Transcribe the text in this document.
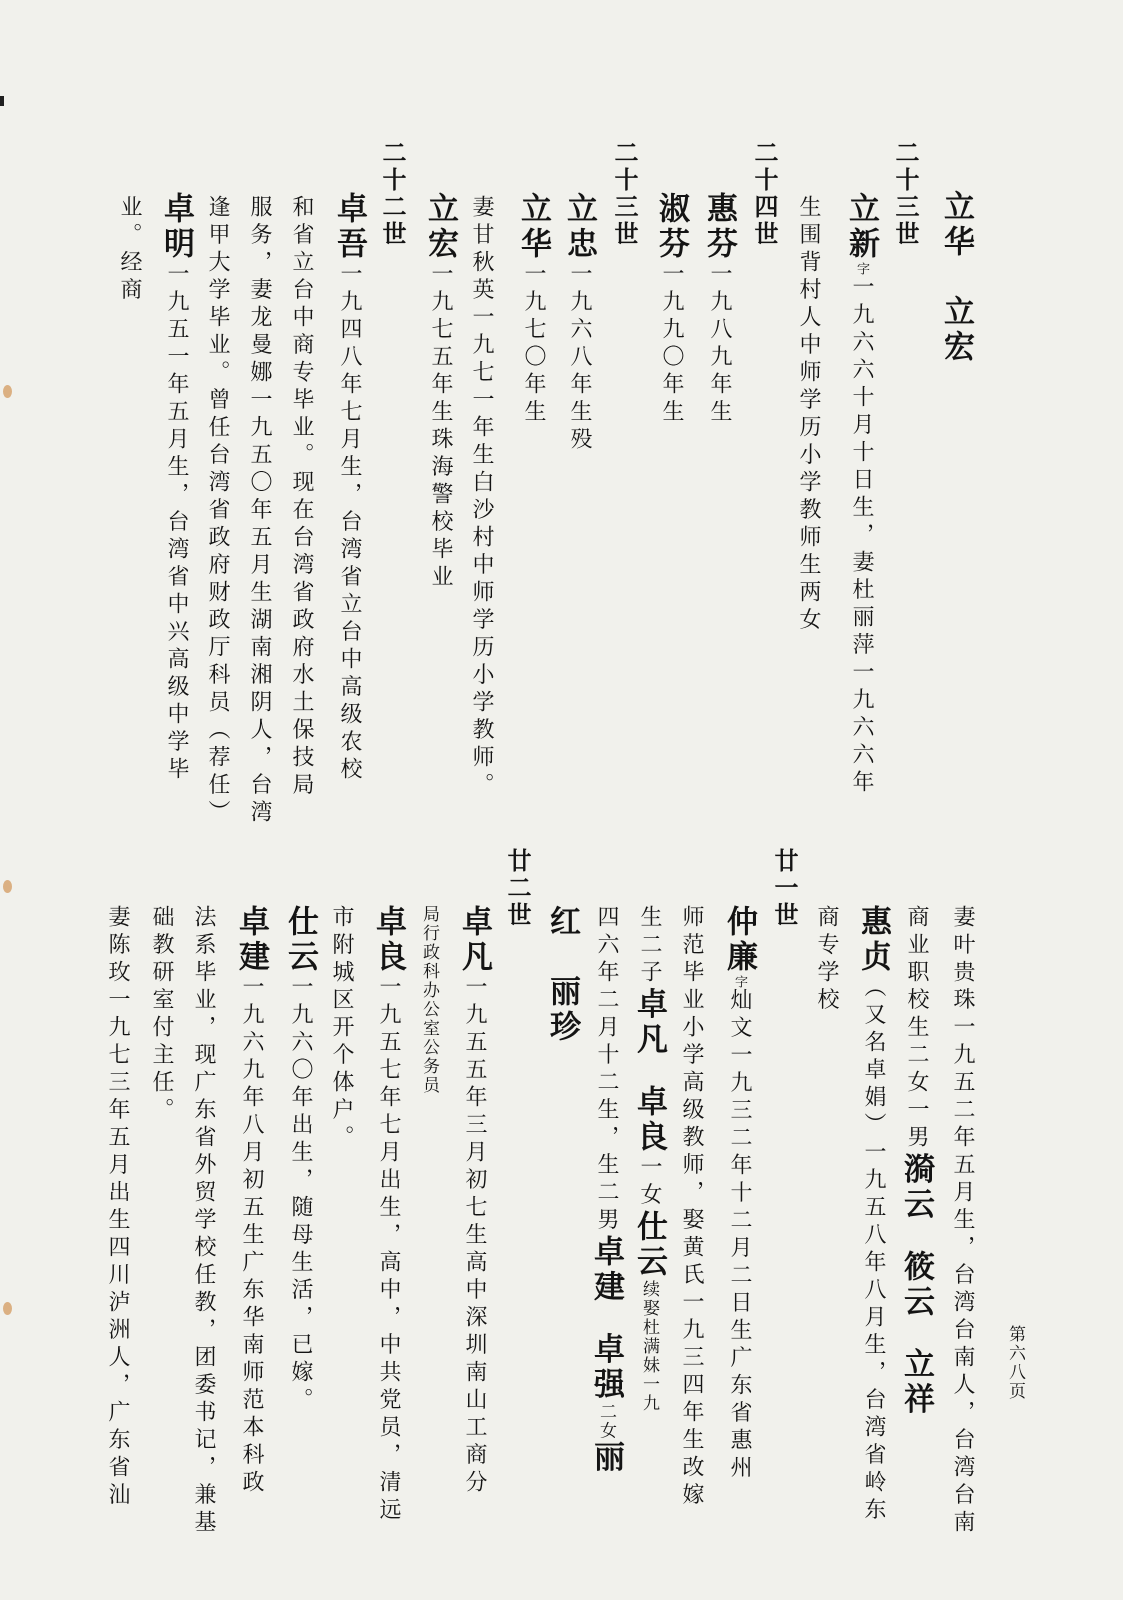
第六八页
立华　立宏
二十三世
立新字一九六六十月十日生，妻杜丽萍一九六六年
生围背村人中师学历小学教师生两女
二十四世
惠芬一九八九年生
淑芬一九九〇年生
二十三世
立忠一九六八年生殁
立华一九七〇年生
妻甘秋英一九七一年生白沙村中师学历小学教师。
立宏一九七五年生珠海警校毕业
二十二世
卓吾一九四八年七月生，台湾省立台中高级农校
和省立台中商专毕业。现在台湾省政府水土保技局
服务，妻龙曼娜一九五〇年五月生湖南湘阴人，台湾
逢甲大学毕业。曾任台湾省政府财政厅科员（荐任）
卓明一九五一年五月生，台湾省中兴高级中学毕
业。经商
妻叶贵珠一九五二年五月生，台湾台南人，台湾台南
商业职校生二女一男漪云　筱云　立祥
惠贞（又名卓娟）一九五八年八月生，台湾省岭东
商专学校
廿一世
仲廉字灿文一九三二年十二月二日生广东省惠州
师范毕业小学高级教师，娶黄氏一九三四年生改嫁
生二子卓凡　卓良一女仕云续娶杜满妹一九
四六年二月十二生，生二男卓建　卓强二女丽
红　丽珍
廿二世
卓凡一九五五年三月初七生高中深圳南山工商分
局行政科办公室公务员
卓良一九五七年七月出生，高中，中共党员，清远
市附城区开个体户。
仕云一九六〇年出生，随母生活，已嫁。
卓建一九六九年八月初五生广东华南师范本科政
法系毕业，现广东省外贸学校任教，团委书记，兼基
础教研室付主任。
妻陈玫一九七三年五月出生四川泸洲人，广东省汕
